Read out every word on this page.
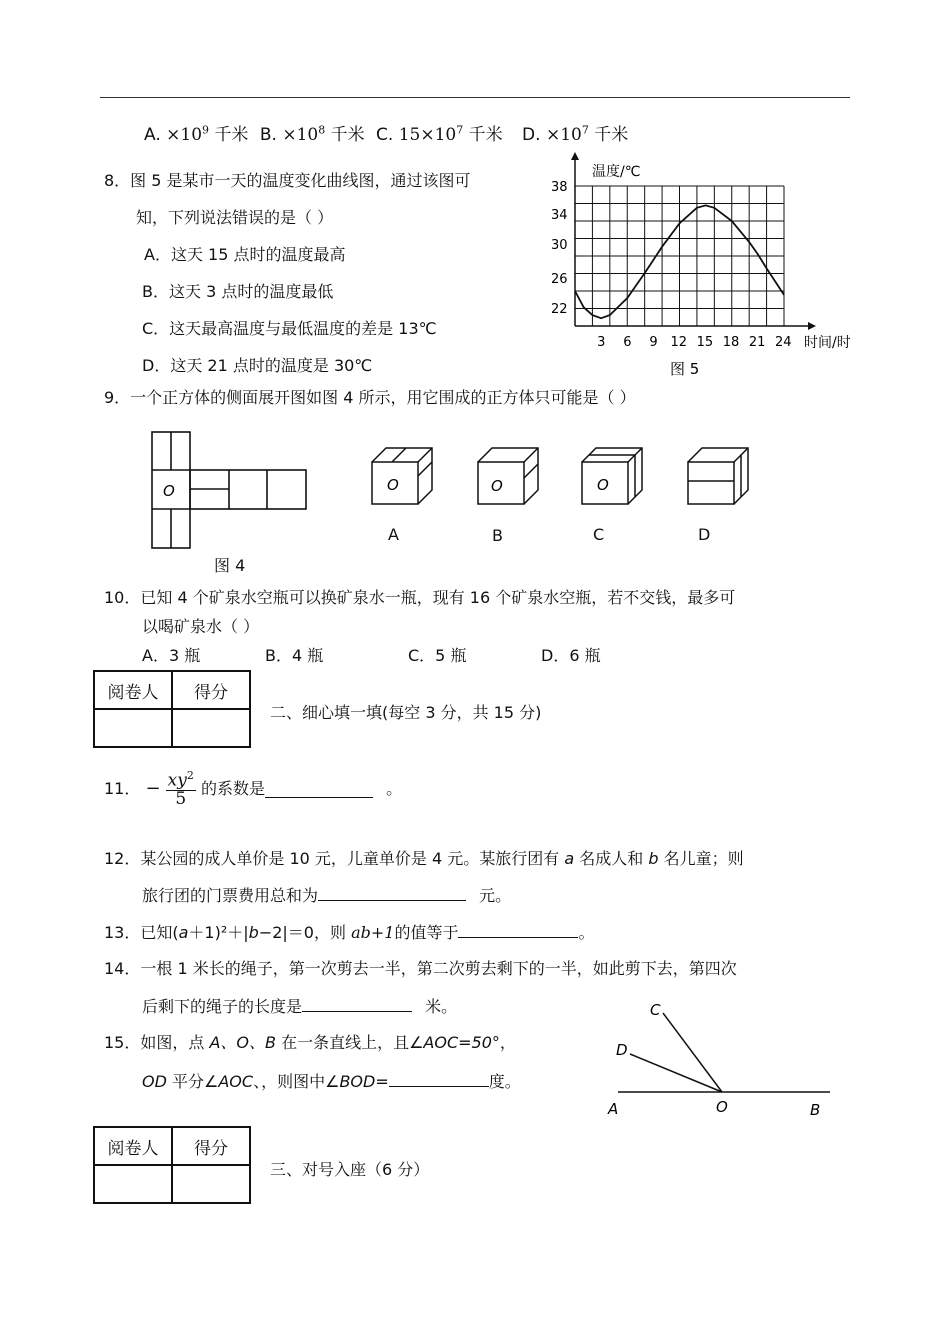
A. $\times 10^9$ 千米 B. $\times 10^8$ 千米 C. $15\times 10^7$ 千米 D. $\times 10^7$ 千米
8．图 5 是某市一天的温度变化曲线图，通过该图可
知，下列说法错误的是（ ）
A．这天 15 点时的温度最高
B．这天 3 点时的温度最低
C．这天最高温度与最低温度的差是 13℃
D．这天 21 点时的温度是 30℃
38
34
30
26
22
3 6 9 12 15 18 21 24
温度/℃
时间/时
图 5
9．一个正方体的侧面展开图如图 4 所示，用它围成的正方体只可能是（ ）
O
图 4
O	O	O
A	B	C	D
10．已知 4 个矿泉水空瓶可以换矿泉水一瓶，现有 16 个矿泉水空瓶，若不交钱，最多可
以喝矿泉水（ ）
A．3 瓶	B．4 瓶	C．5 瓶	D．6 瓶
阅卷人	得分

二、细心填一填(每空 3 分，共 15 分)
11． − $\frac{xy^2}{5}$ 的系数是	。
12．某公园的成人单价是 10 元，儿童单价是 4 元。某旅行团有 a 名成人和 b 名儿童；则
旅行团的门票费用总和为	元。
13．已知(a＋1)²＋|b−2|＝0，则 ab+1的值等于	。
14．一根 1 米长的绳子，第一次剪去一半，第二次剪去剩下的一半，如此剪下去，第四次
后剩下的绳子的长度是	米。
15．如图，点 A、O、B 在一条直线上，且∠AOC=50°，
OD 平分∠AOC、，则图中∠BOD=	度。
C
D
A	O	B
阅卷人	得分

三、对号入座（6 分）
